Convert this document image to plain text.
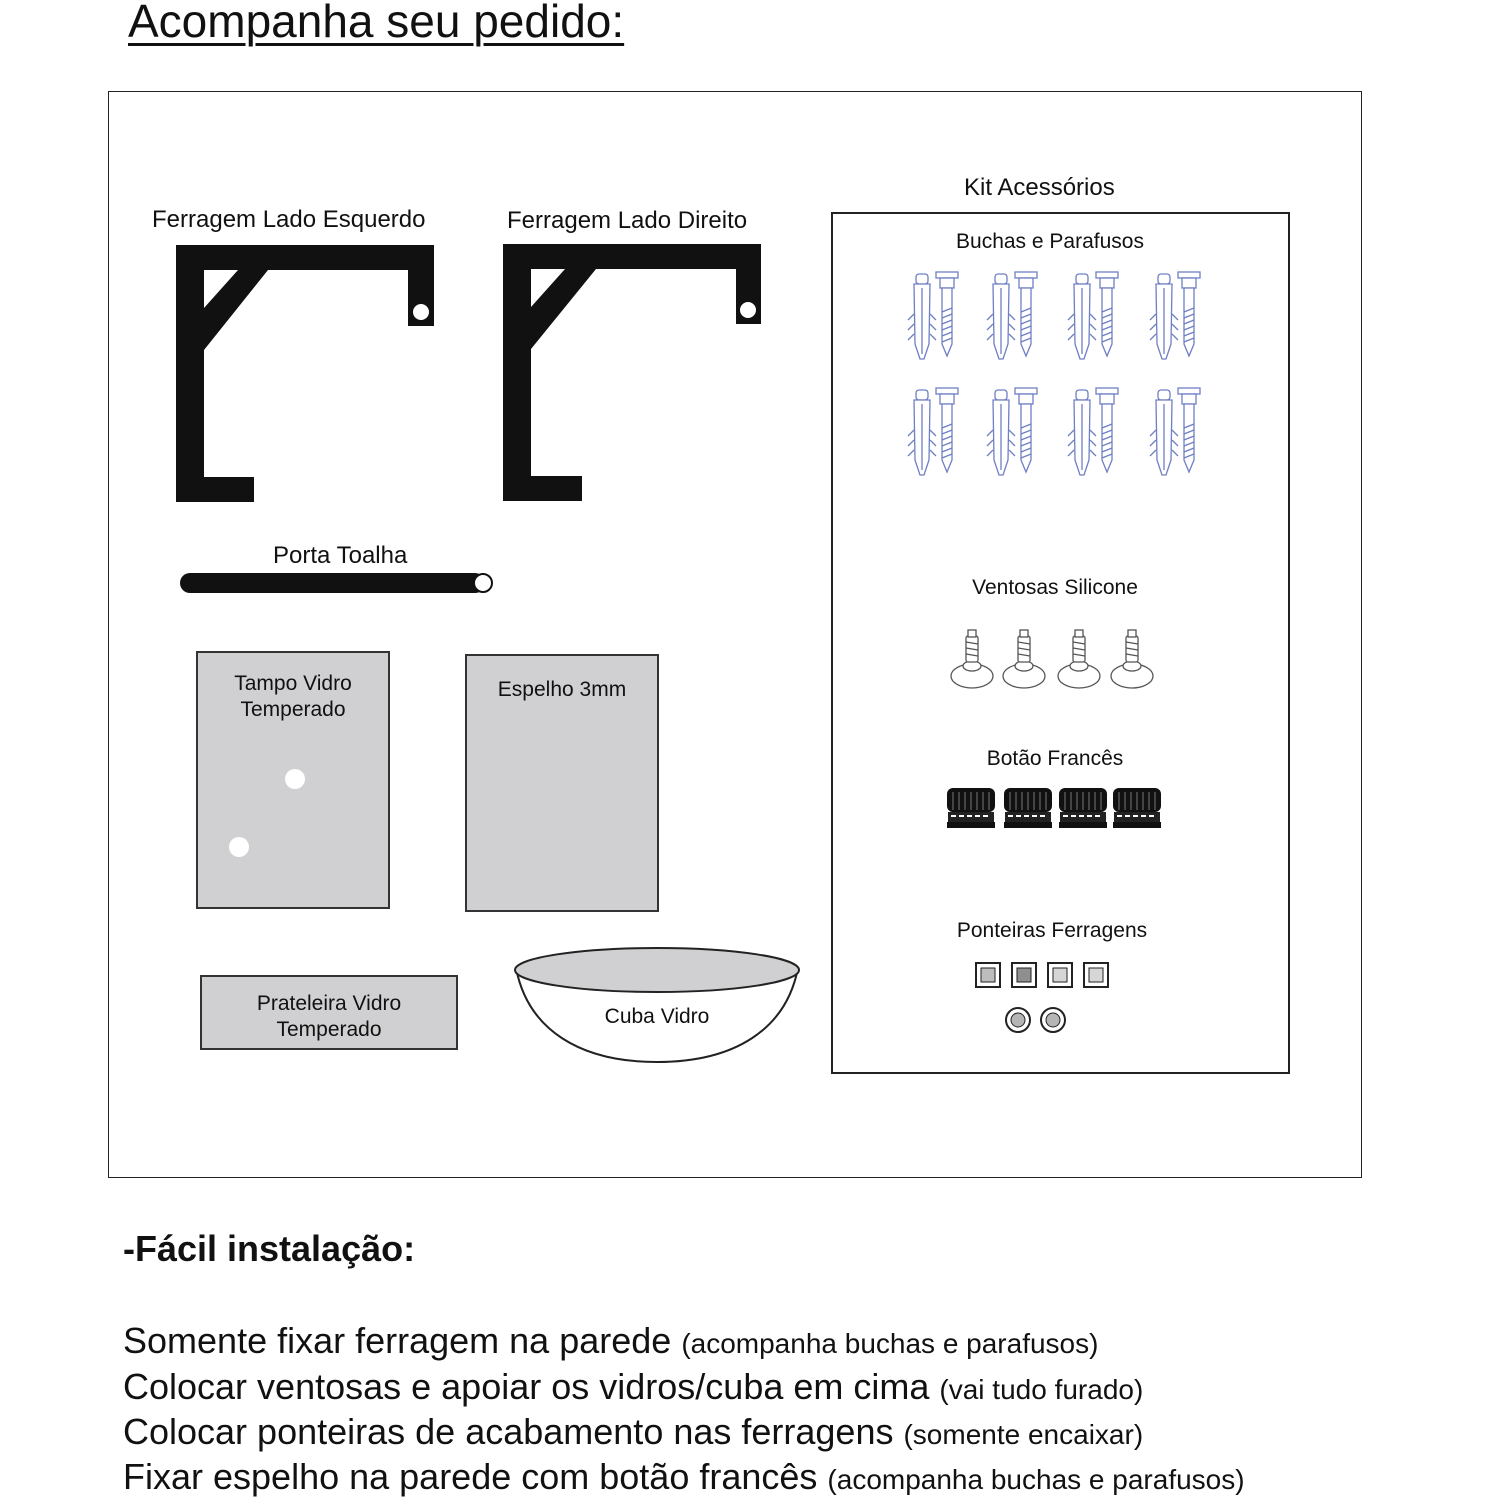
Acompanha seu pedido:
Ferragem Lado Esquerdo	Ferragem Lado Direito
Porta Toalha
Tampo Vidro
Temperado
Espelho 3mm
Prateleira Vidro
Temperado
Cuba Vidro
Kit Acessórios
Buchas e Parafusos
Ventosas Silicone
Botão Francês
Ponteiras Ferragens
-Fácil instalação:
Somente fixar ferragem na parede (acompanha buchas e parafusos)
Colocar ventosas e apoiar os vidros/cuba em cima (vai tudo furado)
Colocar ponteiras de acabamento nas ferragens (somente encaixar)
Fixar espelho na parede com botão francês (acompanha buchas e parafusos)
